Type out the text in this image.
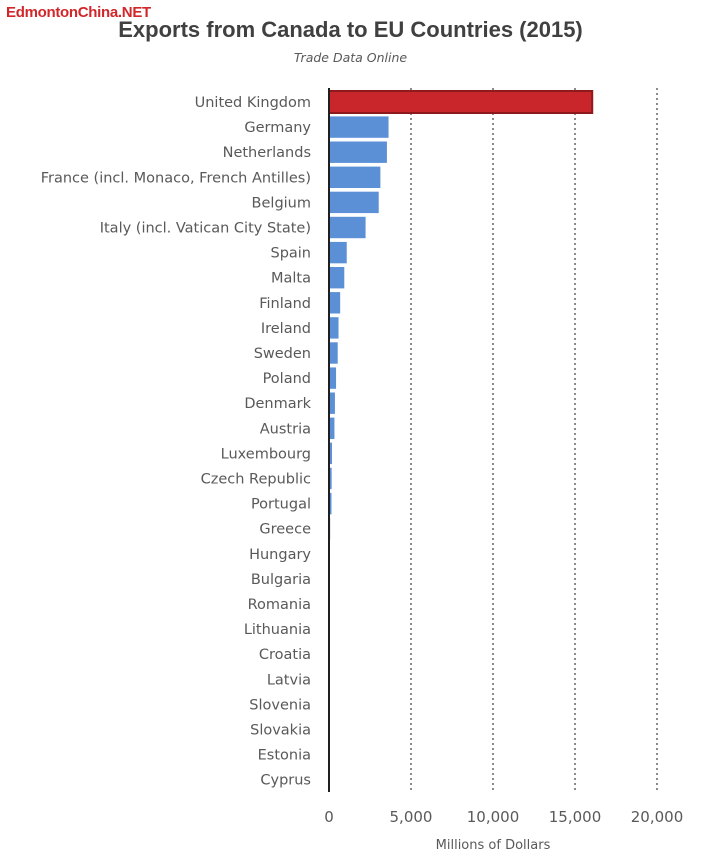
EdmontonChina.NET
Exports from Canada to EU Countries (2015)
Trade Data Online
United Kingdom
Germany
Netherlands
France (incl. Monaco, French Antilles)
Belgium
Italy (incl. Vatican City State)
Spain
Malta
Finland
Ireland
Sweden
Poland
Denmark
Austria
Luxembourg
Czech Republic
Portugal
Greece
Hungary
Bulgaria
Romania
Lithuania
Croatia
Latvia
Slovenia
Slovakia
Estonia
Cyprus
0	5,000 10,000 15,000 20,000
Millions of Dollars
